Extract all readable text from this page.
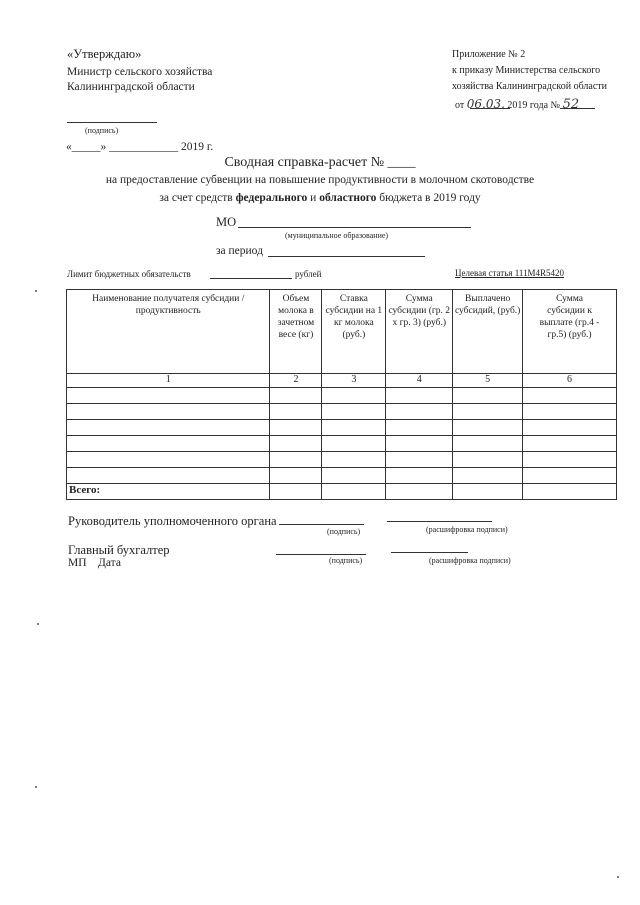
«Утверждаю»
Министр сельского хозяйства
Калининградской области
(подпись)
«_____» ____________ 2019 г.
Приложение № 2
к приказу Министерства сельского
хозяйства Калининградской области
от 06.03. 2019 года № 52
Сводная справка-расчет № ____
на предоставление субвенции на повышение продуктивности в молочном скотоводстве
за счет средств федерального и областного бюджета в 2019 году
МО
(муниципальное образование)
за период
Лимит бюджетных обязательств	рублей	Целевая статья 111M4R5420
Наименование получателя субсидии / продуктивность	Объем молока в зачетном весе (кг)	Ставка субсидии на 1 кг молока (руб.)	Сумма субсидии (гр. 2 х гр. 3) (руб.)	Выплачено субсидий, (руб.)	Сумма субсидии к выплате (гр.4 - гр.5) (руб.)
1	2	3	4	5	6

Всего:					
Руководитель уполномоченного органа
(подпись)	(расшифровка подписи)
Главный бухгалтер
(подпись)	(расшифровка подписи)
МП Дата
